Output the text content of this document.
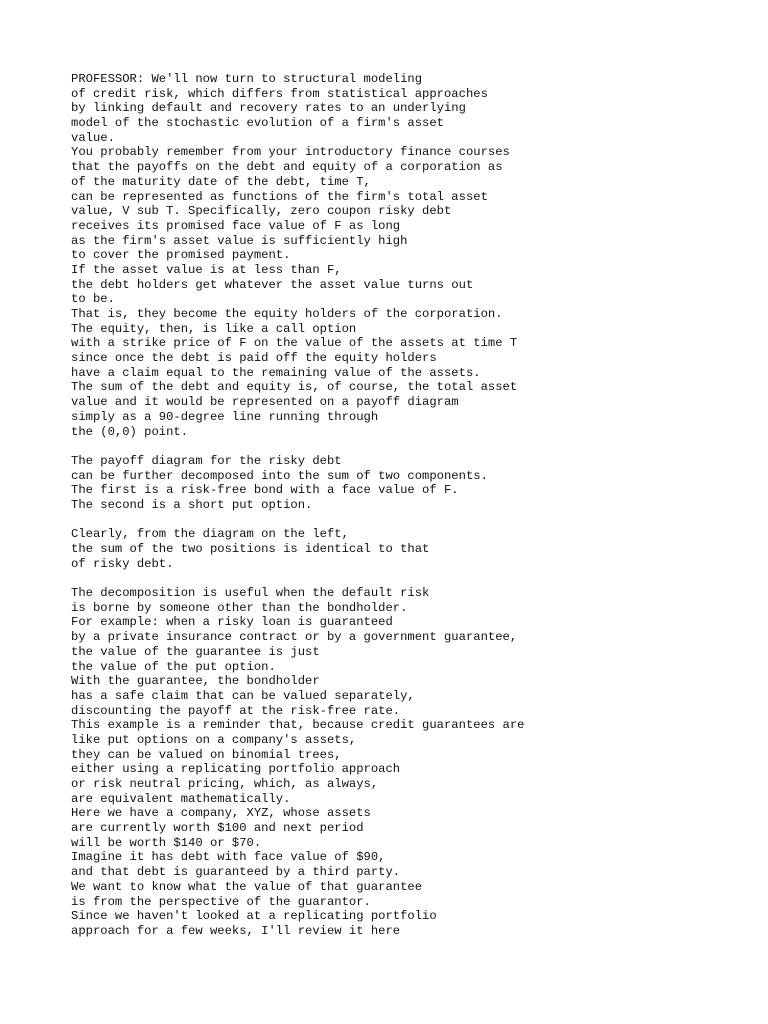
PROFESSOR: We'll now turn to structural modeling
of credit risk, which differs from statistical approaches
by linking default and recovery rates to an underlying
model of the stochastic evolution of a firm's asset
value.
You probably remember from your introductory finance courses
that the payoffs on the debt and equity of a corporation as
of the maturity date of the debt, time T,
can be represented as functions of the firm's total asset
value, V sub T. Specifically, zero coupon risky debt
receives its promised face value of F as long
as the firm's asset value is sufficiently high
to cover the promised payment.
If the asset value is at less than F,
the debt holders get whatever the asset value turns out
to be.
That is, they become the equity holders of the corporation.
The equity, then, is like a call option
with a strike price of F on the value of the assets at time T
since once the debt is paid off the equity holders
have a claim equal to the remaining value of the assets.
The sum of the debt and equity is, of course, the total asset
value and it would be represented on a payoff diagram
simply as a 90-degree line running through
the (0,0) point.
The payoff diagram for the risky debt
can be further decomposed into the sum of two components.
The first is a risk-free bond with a face value of F.
The second is a short put option.
Clearly, from the diagram on the left,
the sum of the two positions is identical to that
of risky debt.
The decomposition is useful when the default risk
is borne by someone other than the bondholder.
For example: when a risky loan is guaranteed
by a private insurance contract or by a government guarantee,
the value of the guarantee is just
the value of the put option.
With the guarantee, the bondholder
has a safe claim that can be valued separately,
discounting the payoff at the risk-free rate.
This example is a reminder that, because credit guarantees are
like put options on a company's assets,
they can be valued on binomial trees,
either using a replicating portfolio approach
or risk neutral pricing, which, as always,
are equivalent mathematically.
Here we have a company, XYZ, whose assets
are currently worth $100 and next period
will be worth $140 or $70.
Imagine it has debt with face value of $90,
and that debt is guaranteed by a third party.
We want to know what the value of that guarantee
is from the perspective of the guarantor.
Since we haven't looked at a replicating portfolio
approach for a few weeks, I'll review it here
